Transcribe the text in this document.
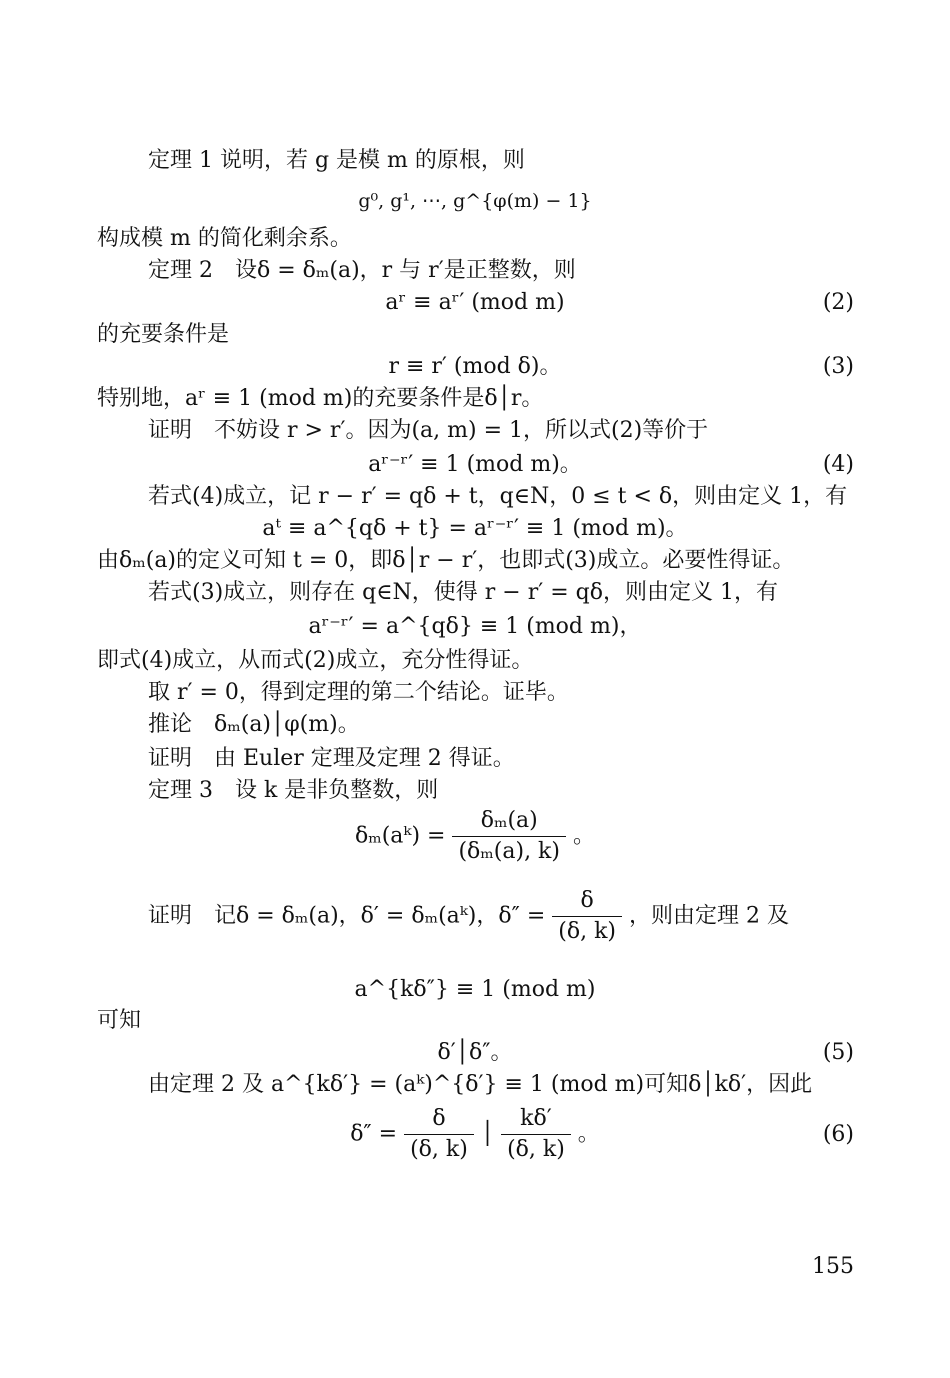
定理 1 说明，若 g 是模 m 的原根，则
g⁰, g¹, ⋯, g^{φ(m) − 1}
构成模 m 的简化剩余系。
定理 2　设δ = δₘ(a)，r 与 r′是正整数，则
aʳ ≡ aʳ′ (mod m)	(2)
的充要条件是
r ≡ r′ (mod δ)。	(3)
特别地，aʳ ≡ 1 (mod m)的充要条件是δ│r。
证明　不妨设 r > r′。因为(a, m) = 1，所以式(2)等价于
aʳ⁻ʳ′ ≡ 1 (mod m)。	(4)
若式(4)成立，记 r − r′ = qδ + t，q∈N，0 ≤ t < δ，则由定义 1，有
aᵗ ≡ a^{qδ + t} = aʳ⁻ʳ′ ≡ 1 (mod m)。
由δₘ(a)的定义可知 t = 0，即δ│r − r′，也即式(3)成立。必要性得证。
若式(3)成立，则存在 q∈N，使得 r − r′ = qδ，则由定义 1，有
aʳ⁻ʳ′ = a^{qδ} ≡ 1 (mod m)，
即式(4)成立，从而式(2)成立，充分性得证。
取 r′ = 0，得到定理的第二个结论。证毕。
推论　δₘ(a)│φ(m)。
证明　由 Euler 定理及定理 2 得证。
定理 3　设 k 是非负整数，则
δₘ(aᵏ) = $\frac{\text{δₘ(a)}}{\text{(δₘ(a), k)}}$ 。
证明　记δ = δₘ(a)，δ′ = δₘ(aᵏ)，$\delta'' = \frac{\delta}{(\delta, k)}$ ，则由定理 2 及
a^{kδ″} ≡ 1 (mod m)
可知
δ′│δ″。	(5)
由定理 2 及 a^{kδ′} = (aᵏ)^{δ′} ≡ 1 (mod m)可知δ│kδ′，因此
$\delta'' = \frac{\delta}{(\delta, k)}$ │ $\frac{k\delta'}{(\delta, k)}$ 。	(6)
155
